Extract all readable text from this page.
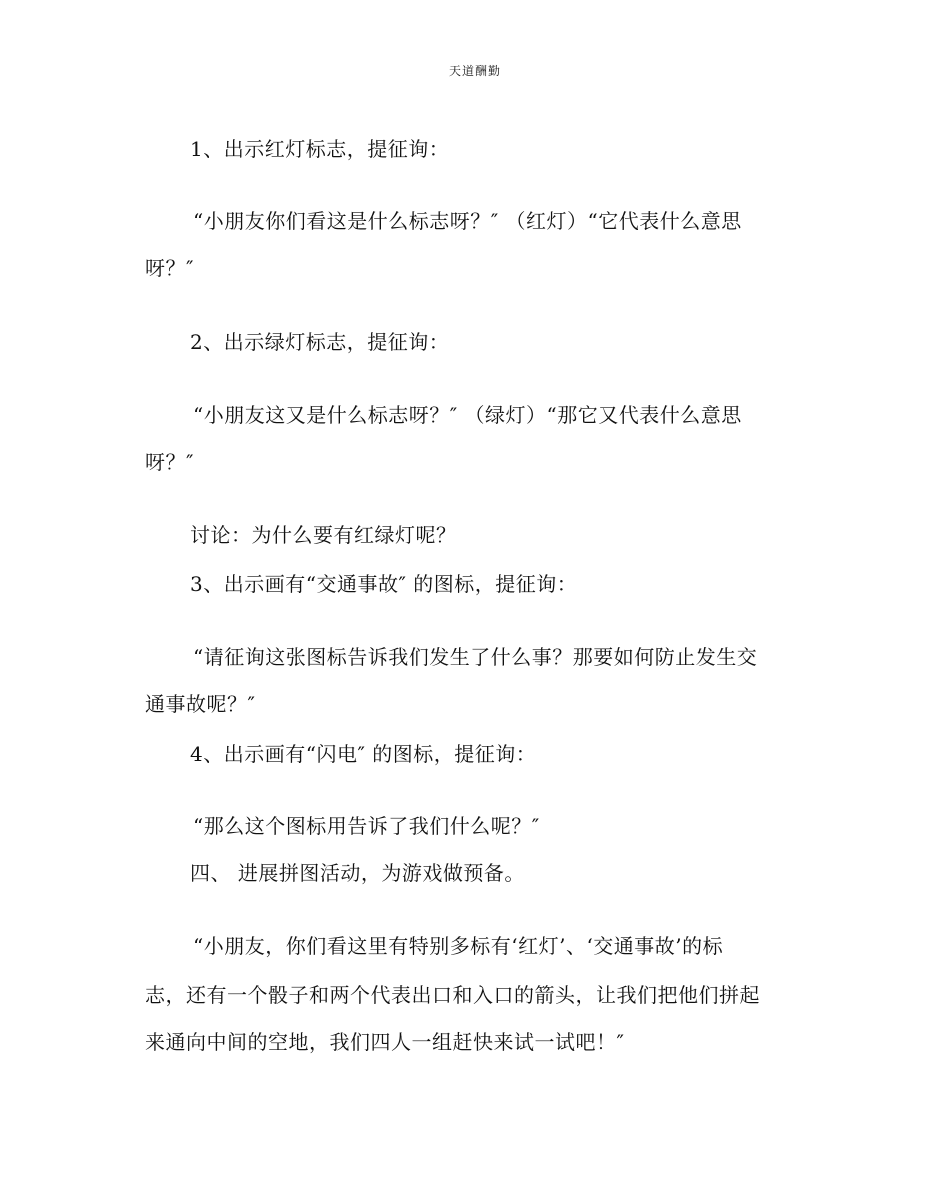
天道酬勤
1、出示红灯标志，提征询：
“小朋友你们看这是什么标志呀？″ （红灯）“它代表什么意思
呀？″
2、出示绿灯标志，提征询：
“小朋友这又是什么标志呀？″ （绿灯）“那它又代表什么意思
呀？″
讨论：为什么要有红绿灯呢？
3、出示画有“交通事故″ 的图标，提征询：
“请征询这张图标告诉我们发生了什么事？那要如何防止发生交
通事故呢？″
4、出示画有“闪电″ 的图标，提征询：
“那么这个图标用告诉了我们什么呢？″
四、 进展拼图活动，为游戏做预备。
“小朋友，你们看这里有特别多标有‘红灯’、‘交通事故’的标
志，还有一个骰子和两个代表出口和入口的箭头，让我们把他们拼起
来通向中间的空地，我们四人一组赶快来试一试吧！″
